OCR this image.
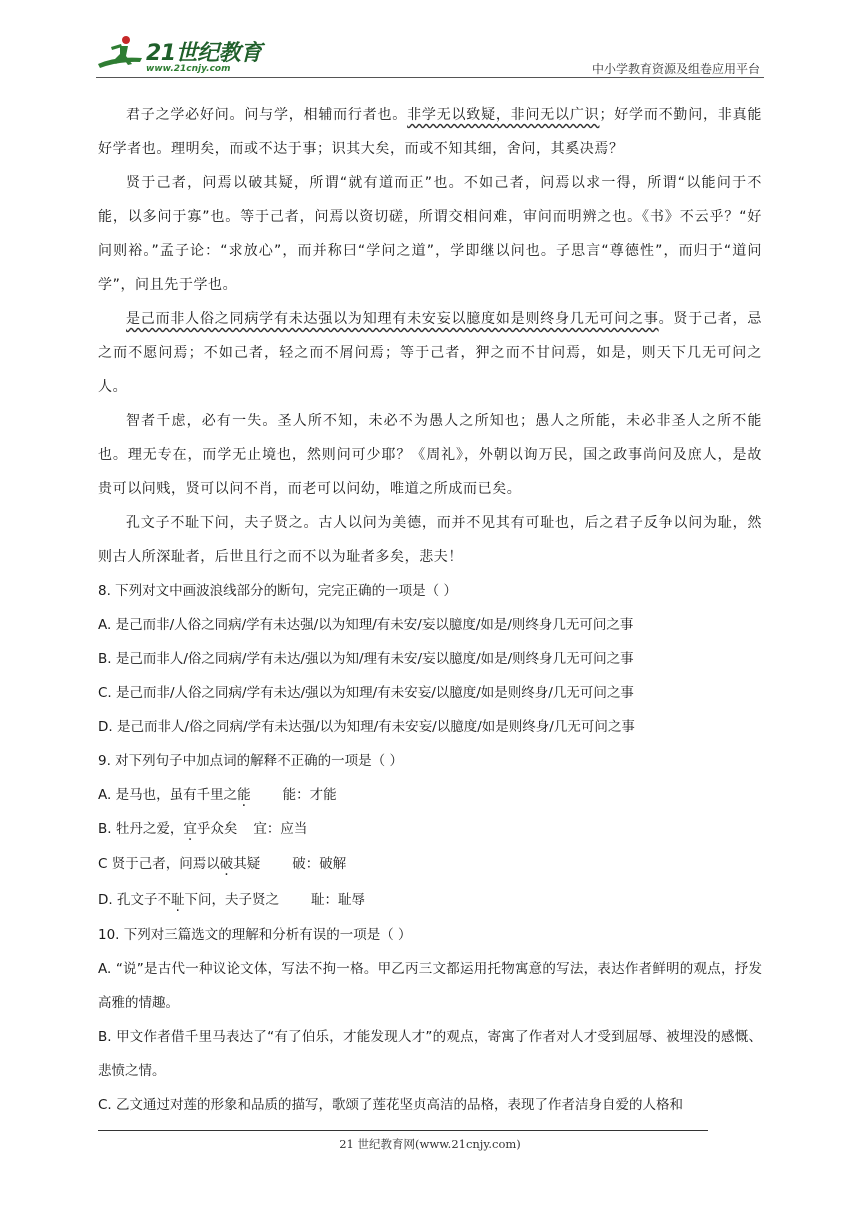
21世纪教育
www.21cnjy.com	中小学教育资源及组卷应用平台

君子之学必好问。问与学，相辅而行者也。非学无以致疑，非问无以广识；好学而不勤问，非真能好学者也。理明矣，而或不达于事；识其大矣，而或不知其细，舍问，其奚决焉？

贤于己者，问焉以破其疑，所谓“就有道而正”也。不如己者，问焉以求一得，所谓“以能问于不能，以多问于寡”也。等于己者，问焉以资切磋，所谓交相问难，审问而明辨之也。《书》不云乎？“好问则裕。”孟子论：“求放心”，而并称曰“学问之道”，学即继以问也。子思言“尊德性”，而归于“道问学”，问且先于学也。

是己而非人俗之同病学有未达强以为知理有未安妄以臆度如是则终身几无可问之事。贤于己者，忌之而不愿问焉；不如己者，轻之而不屑问焉；等于己者，狎之而不甘问焉，如是，则天下几无可问之人。

智者千虑，必有一失。圣人所不知，未必不为愚人之所知也；愚人之所能，未必非圣人之所不能也。理无专在，而学无止境也，然则问可少耶？《周礼》，外朝以询万民，国之政事尚问及庶人，是故贵可以问贱，贤可以问不肖，而老可以问幼，唯道之所成而已矣。

孔文子不耻下问，夫子贤之。古人以问为美德，而并不见其有可耻也，后之君子反争以问为耻，然则古人所深耻者，后世且行之而不以为耻者多矣，悲夫！

8. 下列对文中画波浪线部分的断句，完完正确的一项是（ ）

A. 是己而非/人俗之同病/学有未达强/以为知理/有未安/妄以臆度/如是/则终身几无可问之事

B. 是己而非人/俗之同病/学有未达/强以为知/理有未安/妄以臆度/如是/则终身几无可问之事

C. 是己而非/人俗之同病/学有未达/强以为知理/有未安妄/以臆度/如是则终身/几无可问之事

D. 是己而非人/俗之同病/学有未达强/以为知理/有未安妄/以臆度/如是则终身/几无可问之事

9. 对下列句子中加点词的解释不正确的一项是（ ）

A. 是马也，虽有千里之能 能：才能

B. 牡丹之爱，宜乎众矣 宜：应当

C 贤于己者，问焉以破其疑 破：破解

D. 孔文子不耻下问，夫子贤之 耻：耻辱

10. 下列对三篇选文的理解和分析有误的一项是（ ）

A. “说”是古代一种议论文体，写法不拘一格。甲乙丙三文都运用托物寓意的写法，表达作者鲜明的观点，抒发高雅的情趣。

B. 甲文作者借千里马表达了“有了伯乐，才能发现人才”的观点，寄寓了作者对人才受到屈辱、被埋没的感慨、悲愤之情。

C. 乙文通过对莲的形象和品质的描写，歌颂了莲花坚贞高洁的品格，表现了作者洁身自爱的人格和

21 世纪教育网(www.21cnjy.com)
